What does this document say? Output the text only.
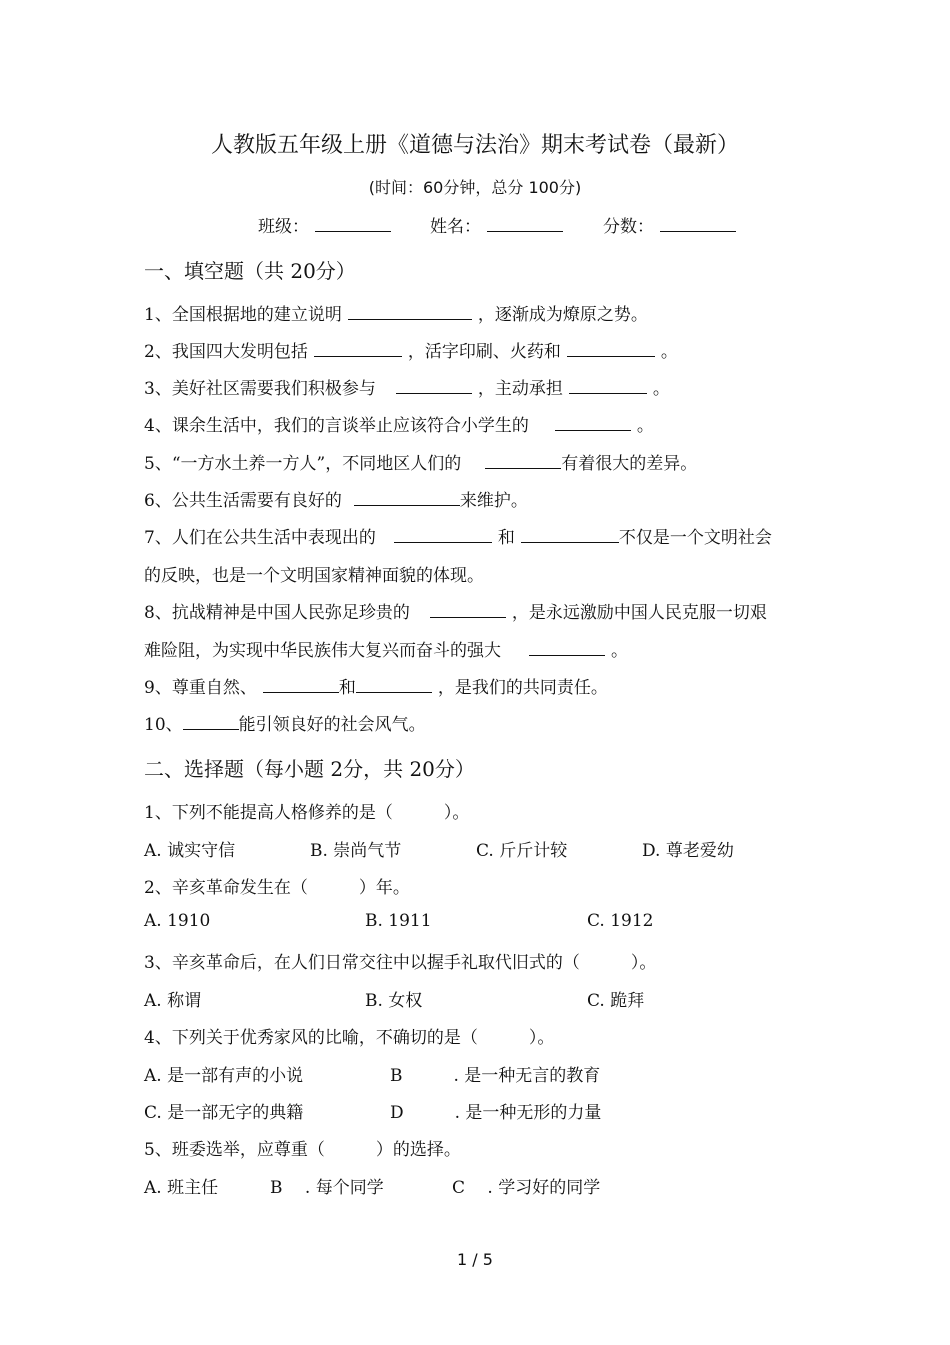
人教版五年级上册《道德与法治》期末考试卷（最新）
(时间：60分钟，总分 100分)
班级：	姓名：	分数：
一、填空题（共 20分）
1、全国根据地的建立说明	，逐渐成为燎原之势。
2、我国四大发明包括	，活字印刷、火药和	。
3、美好社区需要我们积极参与	，主动承担	。
4、课余生活中，我们的言谈举止应该符合小学生的	。
5、“一方水土养一方人”，不同地区人们的	有着很大的差异。
6、公共生活需要有良好的	来维护。
7、人们在公共生活中表现出的	和	不仅是一个文明社会
的反映，也是一个文明国家精神面貌的体现。
8、抗战精神是中国人民弥足珍贵的	，是永远激励中国人民克服一切艰
难险阻，为实现中华民族伟大复兴而奋斗的强大	。
9、尊重自然、	和	，是我们的共同责任。
10、	能引领良好的社会风气。
二、选择题（每小题 2分，共 20分）
1、下列不能提高人格修养的是（　　　）。
A. 诚实守信	B. 崇尚气节	C. 斤斤计较	D. 尊老爱幼
2、辛亥革命发生在（　　　）年。
A. 1910	B. 1911	C. 1912
3、辛亥革命后，在人们日常交往中以握手礼取代旧式的（　　　）。
A. 称谓	B. 女权	C. 跪拜
4、下列关于优秀家风的比喻，不确切的是（　　　）。
A. 是一部有声的小说	B　　　. 是一种无言的教育
C. 是一部无字的典籍	D　　　. 是一种无形的力量
5、班委选举，应尊重（　　　）的选择。
A. 班主任	B　 . 每个同学	C　 . 学习好的同学
1 / 5
